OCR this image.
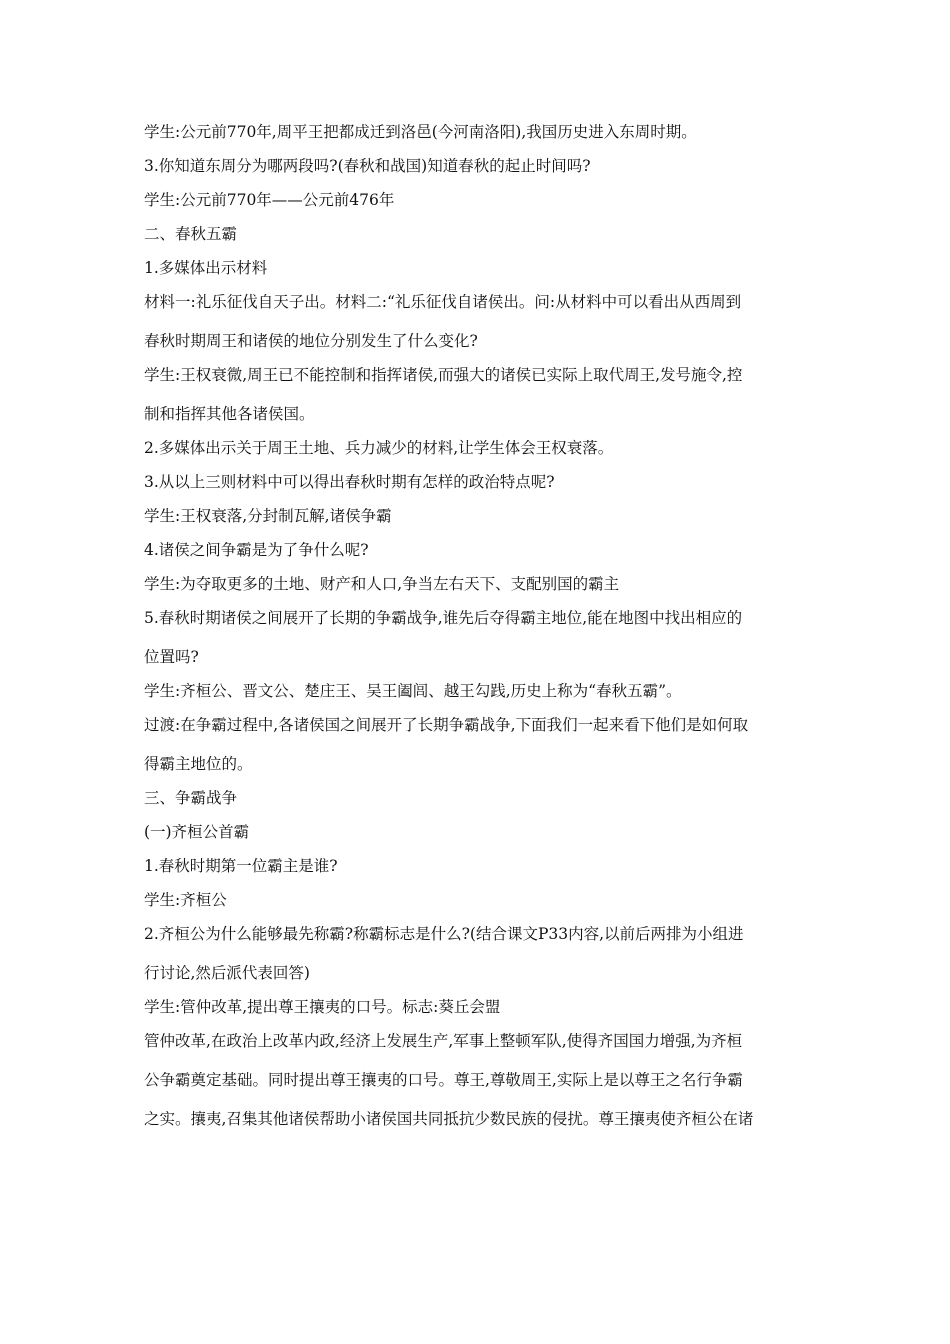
学生:公元前770年,周平王把都成迁到洛邑(今河南洛阳),我国历史进入东周时期。

3.你知道东周分为哪两段吗?(春秋和战国)知道春秋的起止时间吗?

学生:公元前770年——公元前476年

二、春秋五霸

1.多媒体出示材料

材料一:礼乐征伐自天子出。材料二:“礼乐征伐自诸侯出。问:从材料中可以看出从西周到

春秋时期周王和诸侯的地位分别发生了什么变化?

学生:王权衰微,周王已不能控制和指挥诸侯,而强大的诸侯已实际上取代周王,发号施令,控

制和指挥其他各诸侯国。

2.多媒体出示关于周王土地、兵力减少的材料,让学生体会王权衰落。

3.从以上三则材料中可以得出春秋时期有怎样的政治特点呢?

学生:王权衰落,分封制瓦解,诸侯争霸

4.诸侯之间争霸是为了争什么呢?

学生:为夺取更多的土地、财产和人口,争当左右天下、支配别国的霸主

5.春秋时期诸侯之间展开了长期的争霸战争,谁先后夺得霸主地位,能在地图中找出相应的

位置吗?

学生:齐桓公、晋文公、楚庄王、吴王阖闾、越王勾践,历史上称为“春秋五霸”。

过渡:在争霸过程中,各诸侯国之间展开了长期争霸战争,下面我们一起来看下他们是如何取

得霸主地位的。

三、争霸战争

(一)齐桓公首霸

1.春秋时期第一位霸主是谁?

学生:齐桓公

2.齐桓公为什么能够最先称霸?称霸标志是什么?(结合课文P33内容,以前后两排为小组进

行讨论,然后派代表回答)

学生:管仲改革,提出尊王攘夷的口号。标志:葵丘会盟

管仲改革,在政治上改革内政,经济上发展生产,军事上整顿军队,使得齐国国力增强,为齐桓

公争霸奠定基础。同时提出尊王攘夷的口号。尊王,尊敬周王,实际上是以尊王之名行争霸

之实。攘夷,召集其他诸侯帮助小诸侯国共同抵抗少数民族的侵扰。尊王攘夷使齐桓公在诸
